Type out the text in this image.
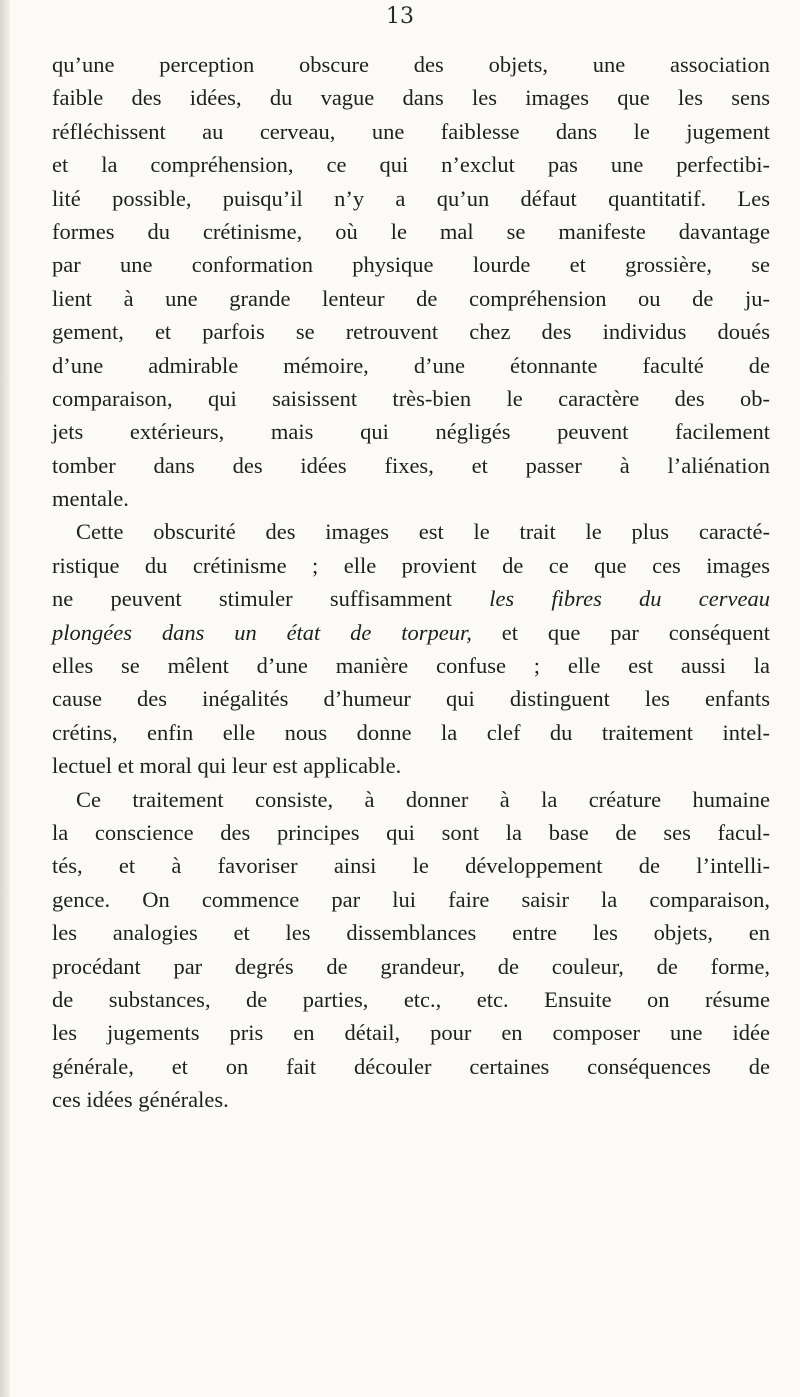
13
qu’une perception obscure des objets, une association
faible des idées, du vague dans les images que les sens
réfléchissent au cerveau, une faiblesse dans le jugement
et la compréhension, ce qui n’exclut pas une perfectibi-
lité possible, puisqu’il n’y a qu’un défaut quantitatif. Les
formes du crétinisme, où le mal se manifeste davantage
par une conformation physique lourde et grossière, se
lient à une grande lenteur de compréhension ou de ju-
gement, et parfois se retrouvent chez des individus doués
d’une admirable mémoire, d’une étonnante faculté de
comparaison, qui saisissent très-bien le caractère des ob-
jets extérieurs, mais qui négligés peuvent facilement
tomber dans des idées fixes, et passer à l’aliénation
mentale.
Cette obscurité des images est le trait le plus caracté-
ristique du crétinisme ; elle provient de ce que ces images
ne peuvent stimuler suffisamment les fibres du cerveau
plongées dans un état de torpeur, et que par conséquent
elles se mêlent d’une manière confuse ; elle est aussi la
cause des inégalités d’humeur qui distinguent les enfants
crétins, enfin elle nous donne la clef du traitement intel-
lectuel et moral qui leur est applicable.
Ce traitement consiste, à donner à la créature humaine
la conscience des principes qui sont la base de ses facul-
tés, et à favoriser ainsi le développement de l’intelli-
gence. On commence par lui faire saisir la comparaison,
les analogies et les dissemblances entre les objets, en
procédant par degrés de grandeur, de couleur, de forme,
de substances, de parties, etc., etc. Ensuite on résume
les jugements pris en détail, pour en composer une idée
générale, et on fait découler certaines conséquences de
ces idées générales.
